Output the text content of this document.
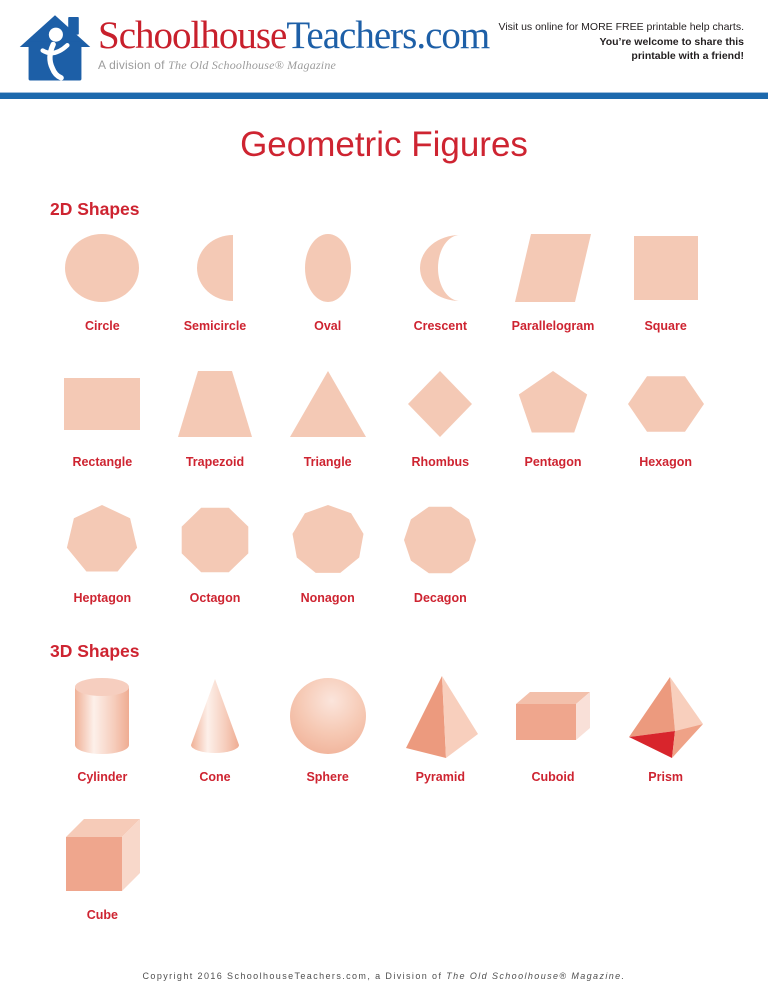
SchoolhouseTeachers.com
A division of The Old Schoolhouse® Magazine
Visit us online for MORE FREE printable help charts.
You’re welcome to share this
printable with a friend!
Geometric Figures
2D Shapes
Circle	Semicircle	Oval	Crescent	Parallelogram	Square
Rectangle	Trapezoid	Triangle	Rhombus	Pentagon	Hexagon
Heptagon	Octagon	Nonagon	Decagon
3D Shapes
Cylinder	Cone	Sphere	Pyramid	Cuboid	Prism
Cube
Copyright 2016 SchoolhouseTeachers.com, a Division of The Old Schoolhouse® Magazine.
